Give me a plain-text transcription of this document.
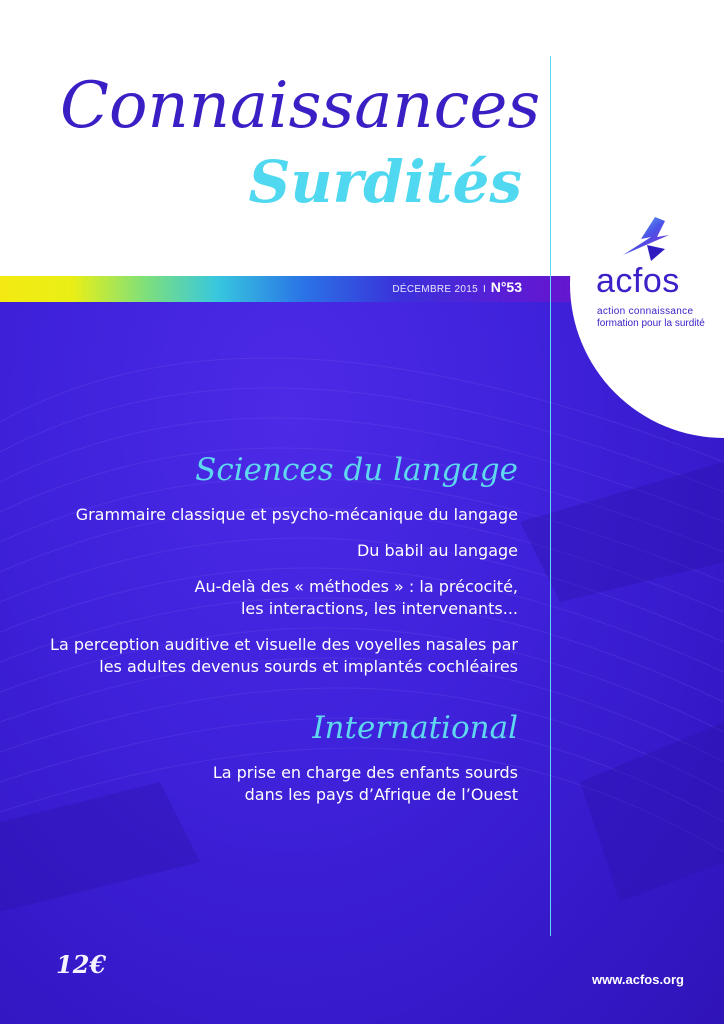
Connaissances
Surdités
DÉCEMBRE 2015 I N°53 acfos
action connaissance
formation pour la surdité
Sciences du langage
Grammaire classique et psycho-mécanique du langage
Du babil au langage
Au-delà des « méthodes » : la précocité,
les interactions, les intervenants...
La perception auditive et visuelle des voyelles nasales par
les adultes devenus sourds et implantés cochléaires
International
La prise en charge des enfants sourds
dans les pays d’Afrique de l’Ouest
12€
www.acfos.org
